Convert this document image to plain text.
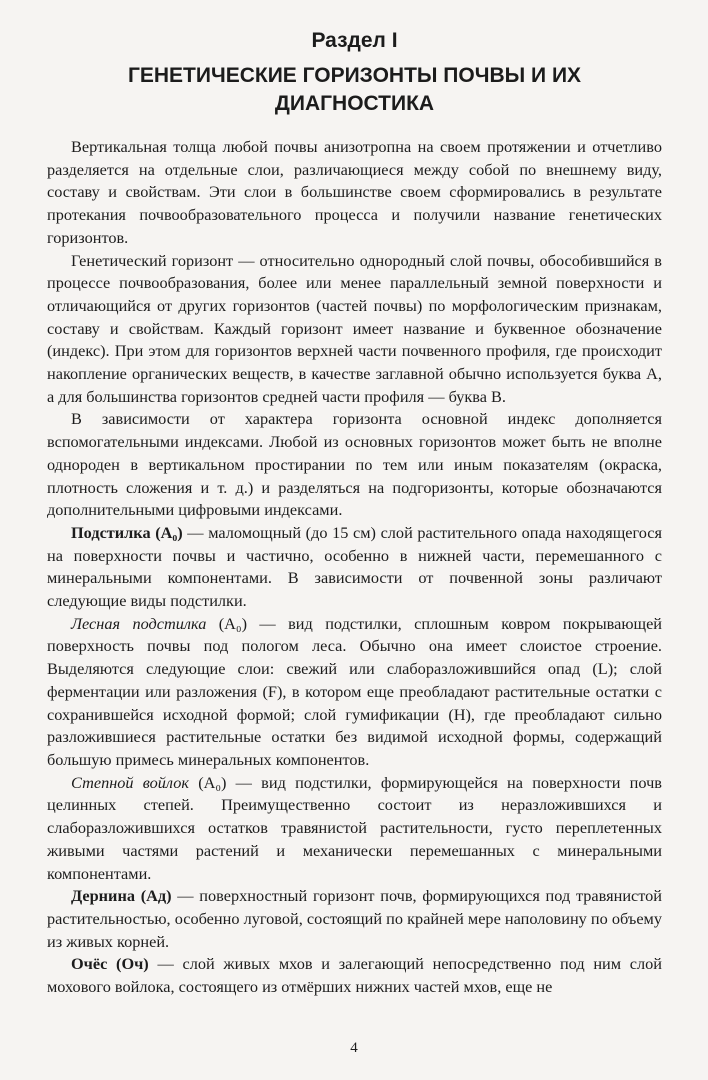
Раздел I
ГЕНЕТИЧЕСКИЕ ГОРИЗОНТЫ ПОЧВЫ И ИХ ДИАГНОСТИКА

Вертикальная толща любой почвы анизотропна на своем протяжении и отчетливо разделяется на отдельные слои, различающиеся между собой по внешнему виду, составу и свойствам. Эти слои в большинстве своем сформировались в результате протекания почвообразовательного процесса и получили название генетических горизонтов.

Генетический горизонт — относительно однородный слой почвы, обособившийся в процессе почвообразования, более или менее параллельный земной поверхности и отличающийся от других горизонтов (частей почвы) по морфологическим признакам, составу и свойствам. Каждый горизонт имеет название и буквенное обозначение (индекс). При этом для горизонтов верхней части почвенного профиля, где происходит накопление органических веществ, в качестве заглавной обычно используется буква А, а для большинства горизонтов средней части профиля — буква В.

В зависимости от характера горизонта основной индекс дополняется вспомогательными индексами. Любой из основных горизонтов может быть не вполне однороден в вертикальном простирании по тем или иным показателям (окраска, плотность сложения и т. д.) и разделяться на подгоризонты, которые обозначаются дополнительными цифровыми индексами.

Подстилка (А₀) — маломощный (до 15 см) слой растительного опада находящегося на поверхности почвы и частично, особенно в нижней части, перемешанного с минеральными компонентами. В зависимости от почвенной зоны различают следующие виды подстилки.

Лесная подстилка (А₀) — вид подстилки, сплошным ковром покрывающей поверхность почвы под пологом леса. Обычно она имеет слоистое строение. Выделяются следующие слои: свежий или слаборазложившийся опад (L); слой ферментации или разложения (F), в котором еще преобладают растительные остатки с сохранившейся исходной формой; слой гумификации (H), где преобладают сильно разложившиеся растительные остатки без видимой исходной формы, содержащий большую примесь минеральных компонентов.

Степной войлок (А₀) — вид подстилки, формирующейся на поверхности почв целинных степей. Преимущественно состоит из неразложившихся и слаборазложившихся остатков травянистой растительности, густо переплетенных живыми частями растений и механически перемешанных с минеральными компонентами.

Дернина (Ад) — поверхностный горизонт почв, формирующихся под травянистой растительностью, особенно луговой, состоящий по крайней мере наполовину по объему из живых корней.

Очёс (Оч) — слой живых мхов и залегающий непосредственно под ним слой мохового войлока, состоящего из отмёрших нижних частей мхов, еще не

4
